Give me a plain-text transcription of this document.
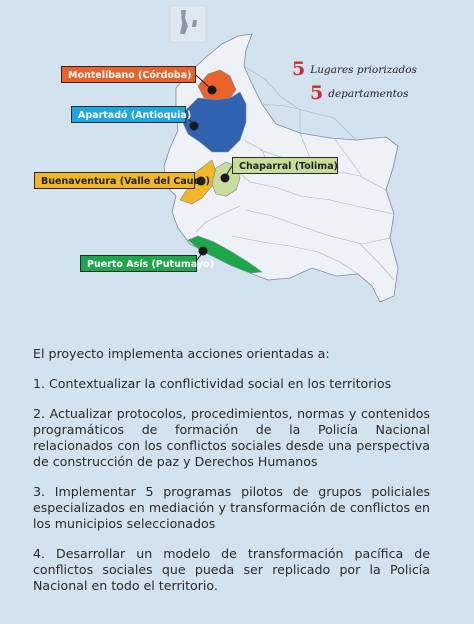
Montelíbano (Córdoba)
Apartadó (Antioquia)
Buenaventura (Valle del Cauca)
Chaparral (Tolima)
Puerto Asís (Putumayo)
5 Lugares priorizados
5 departamentos

El proyecto implementa acciones orientadas a:

1. Contextualizar la conflictividad social en los territorios

2. Actualizar protocolos, procedimientos, normas y contenidos programáticos de formación de la Policía Nacional relacionados con los conflictos sociales desde una perspectiva de construcción de paz y Derechos Humanos

3. Implementar 5 programas pilotos de grupos policiales especializados en mediación y transformación de conflictos en los municipios seleccionados

4. Desarrollar un modelo de transformación pacífica de conflictos sociales que pueda ser replicado por la Policía Nacional en todo el territorio.
